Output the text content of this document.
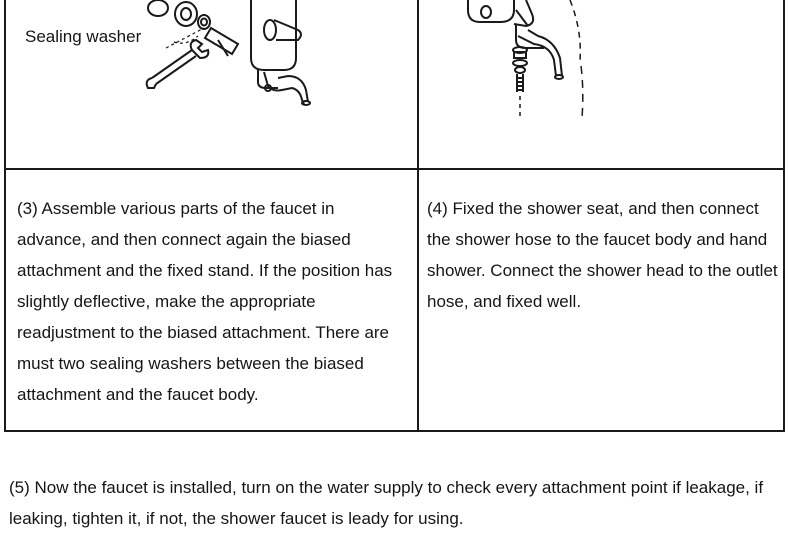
Sealing washer

(3) Assemble various parts of the faucet in advance, and then connect again the biased attachment and the fixed stand. If the position has slightly deflective, make the appropriate readjustment to the biased attachment. There are must two sealing washers between the biased attachment and the faucet body.

(4) Fixed the shower seat, and then connect the shower hose to the faucet body and hand shower. Connect the shower head to the outlet hose, and fixed well.

(5) Now the faucet is installed, turn on the water supply to check every attachment point if leakage, if leaking, tighten it, if not, the shower faucet is leady for using.
